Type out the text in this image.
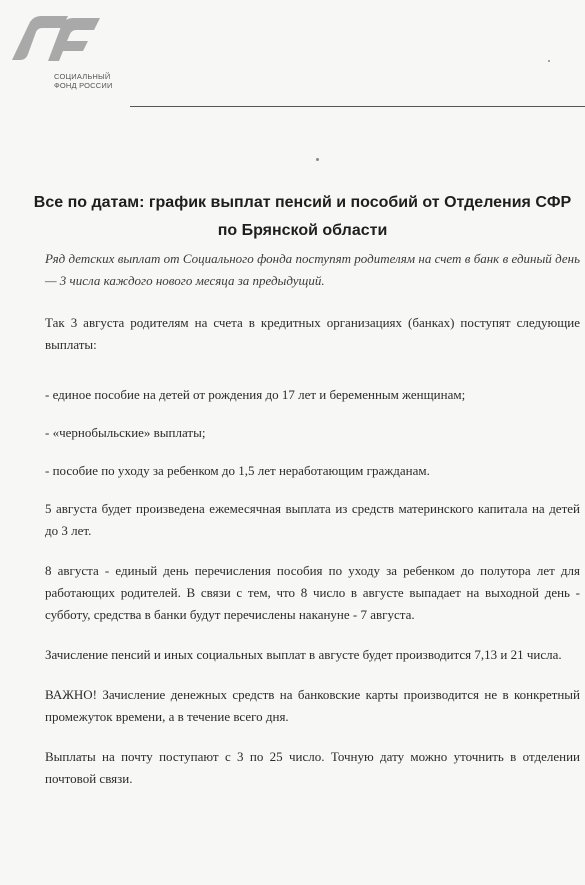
СОЦИАЛЬНЫЙ
ФОНД РОССИИ
Все по датам: график выплат пенсий и пособий от Отделения СФР
по Брянской области

Ряд детских выплат от Социального фонда поступят родителям на счет в банк в единый день — 3 числа каждого нового месяца за предыдущий.

Так 3 августа родителям на счета в кредитных организациях (банках) поступят следующие выплаты:

- единое пособие на детей от рождения до 17 лет и беременным женщинам;

- «чернобыльские» выплаты;

- пособие по уходу за ребенком до 1,5 лет неработающим гражданам.

5 августа будет произведена ежемесячная выплата из средств материнского капитала на детей до 3 лет.

8 августа - единый день перечисления пособия по уходу за ребенком до полутора лет для работающих родителей. В связи с тем, что 8 число в августе выпадает на выходной день - субботу, средства в банки будут перечислены накануне - 7 августа.

Зачисление пенсий и иных социальных выплат в августе будет производится 7,13 и 21 числа.

ВАЖНО! Зачисление денежных средств на банковские карты производится не в конкретный промежуток времени, а в течение всего дня.

Выплаты на почту поступают с 3 по 25 число. Точную дату можно уточнить в отделении почтовой связи.
